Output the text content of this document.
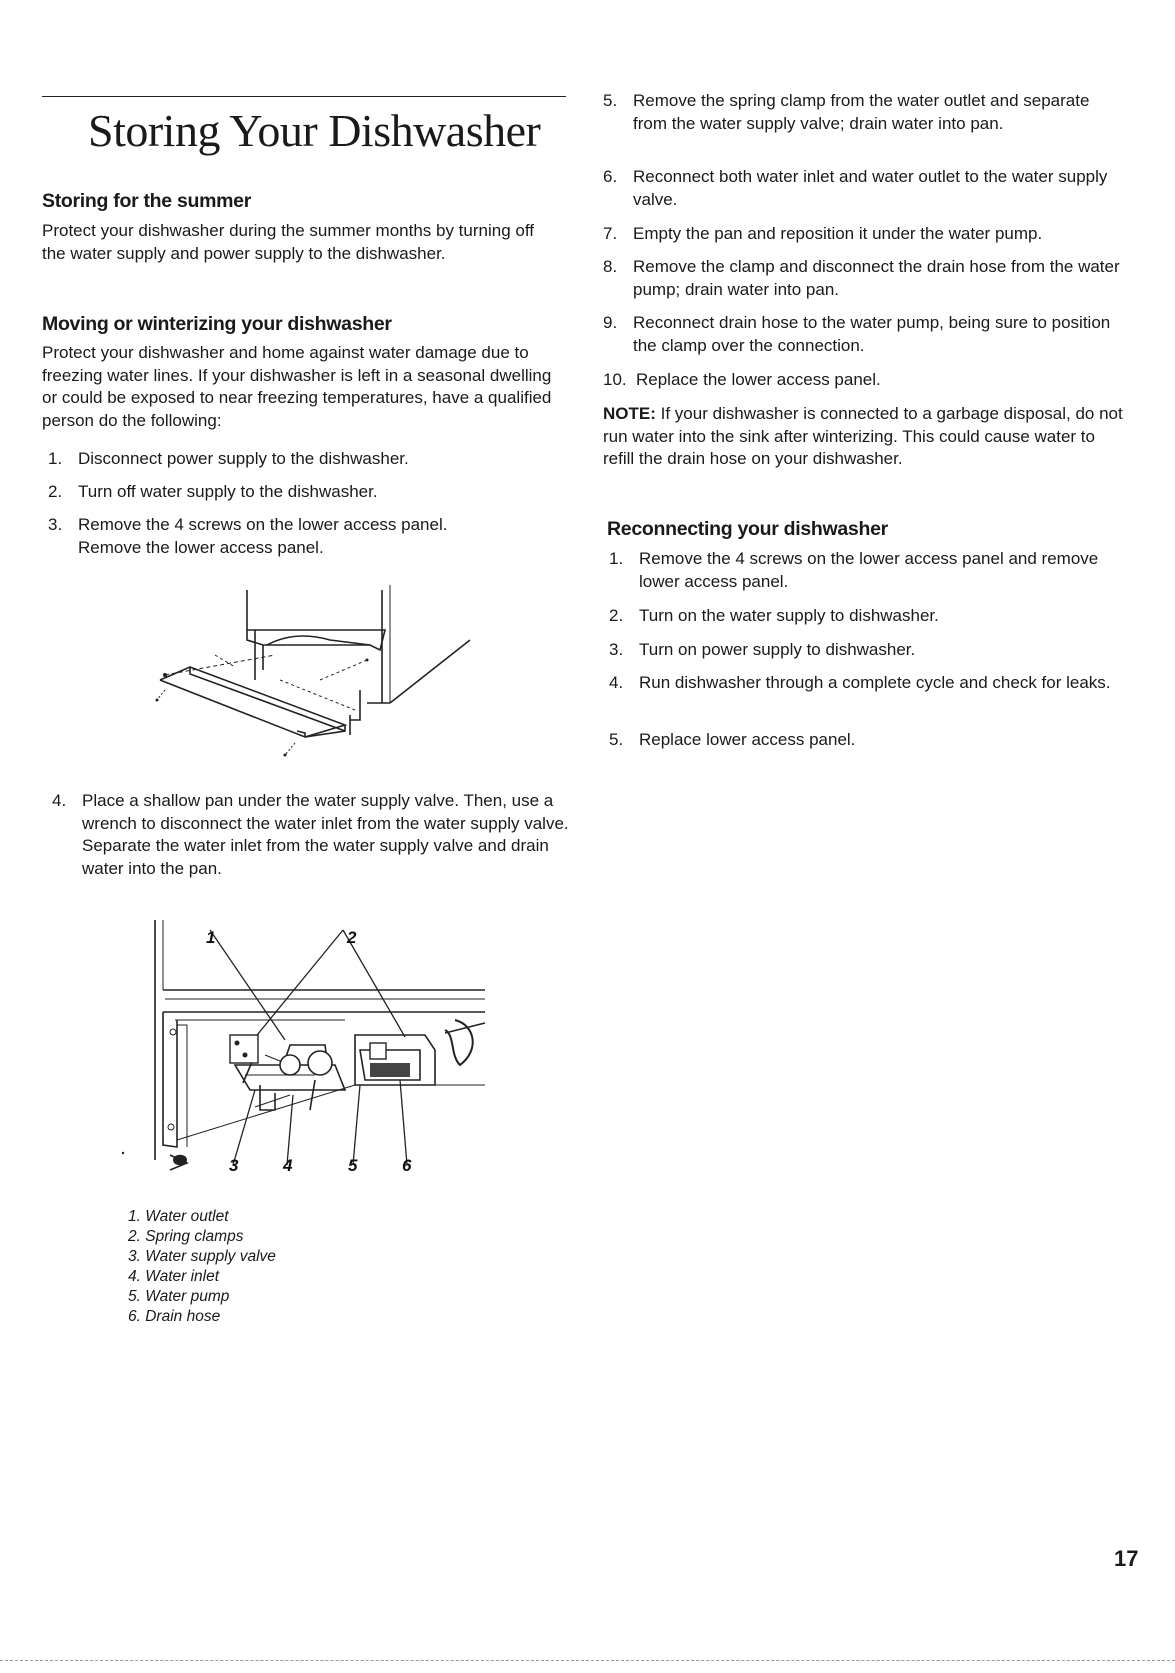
Storing Your Dishwasher
Storing for the summer
Protect your dishwasher during the summer months by turning off the water supply and power supply to the dishwasher.
Moving or winterizing your dishwasher
Protect your dishwasher and home against water damage due to freezing water lines. If your dishwasher is left in a seasonal dwelling or could be exposed to near freezing temperatures, have a qualified person do the following:
1. Disconnect power supply to the dishwasher.
2. Turn off water supply to the dishwasher.
3. Remove the 4 screws on the lower access panel. Remove the lower access panel.
4. Place a shallow pan under the water supply valve. Then, use a wrench to disconnect the water inlet from the water supply valve. Separate the water inlet from the water supply valve and drain water into the pan.
1	2
3	4	5	6
1. Water outlet
2. Spring clamps
3. Water supply valve
4. Water inlet
5. Water pump
6. Drain hose
5. Remove the spring clamp from the water outlet and separate from the water supply valve; drain water into pan.
6. Reconnect both water inlet and water outlet to the water supply valve.
7. Empty the pan and reposition it under the water pump.
8. Remove the clamp and disconnect the drain hose from the water pump; drain water into pan.
9. Reconnect drain hose to the water pump, being sure to position the clamp over the connection.
10. Replace the lower access panel.
NOTE: If your dishwasher is connected to a garbage disposal, do not run water into the sink after winterizing. This could cause water to refill the drain hose on your dishwasher.
Reconnecting your dishwasher
1. Remove the 4 screws on the lower access panel and remove lower access panel.
2. Turn on the water supply to dishwasher.
3. Turn on power supply to dishwasher.
4. Run dishwasher through a complete cycle and check for leaks.
5. Replace lower access panel.
17
